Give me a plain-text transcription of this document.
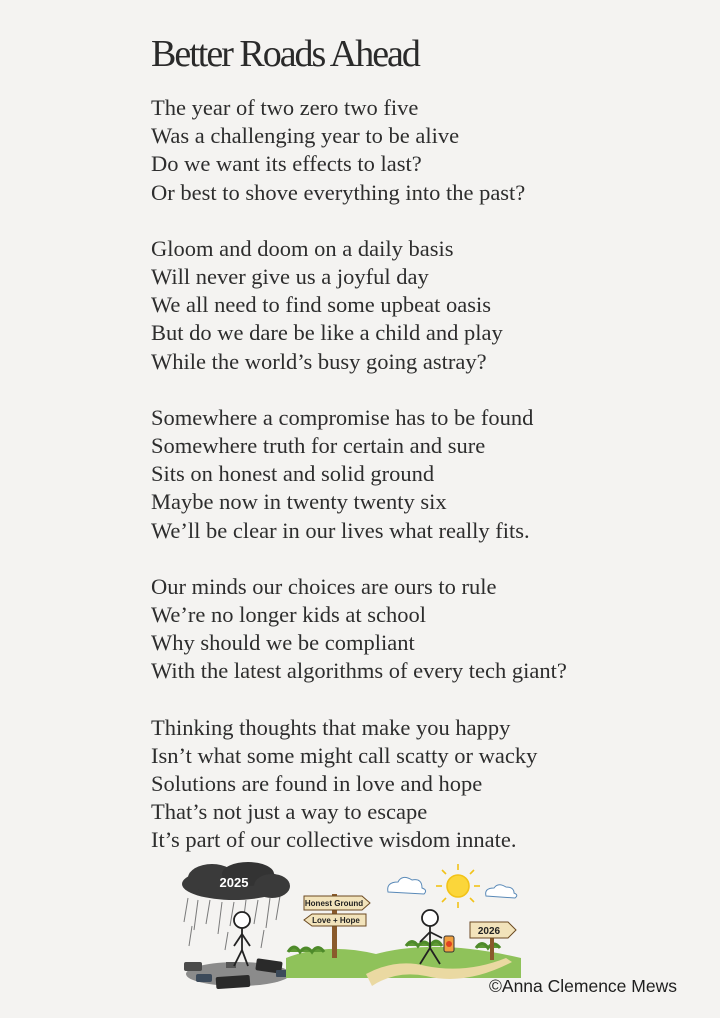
Better Roads Ahead
The year of two zero two five
Was a challenging year to be alive
Do we want its effects to last?
Or best to shove everything into the past?
Gloom and doom on a daily basis
Will never give us a joyful day
We all need to find some upbeat oasis
But do we dare be like a child and play
While the world’s busy going astray?
Somewhere a compromise has to be found
Somewhere truth for certain and sure
Sits on honest and solid ground
Maybe now in twenty twenty six
We’ll be clear in our lives what really fits.
Our minds our choices are ours to rule
We’re no longer kids at school
Why should we be compliant
With the latest algorithms of every tech giant?
Thinking thoughts that make you happy
Isn’t what some might call scatty or wacky
Solutions are found in love and hope
That’s not just a way to escape
It’s part of our collective wisdom innate.
2025
Honest Ground
Love + Hope
2026
©Anna Clemence Mews
